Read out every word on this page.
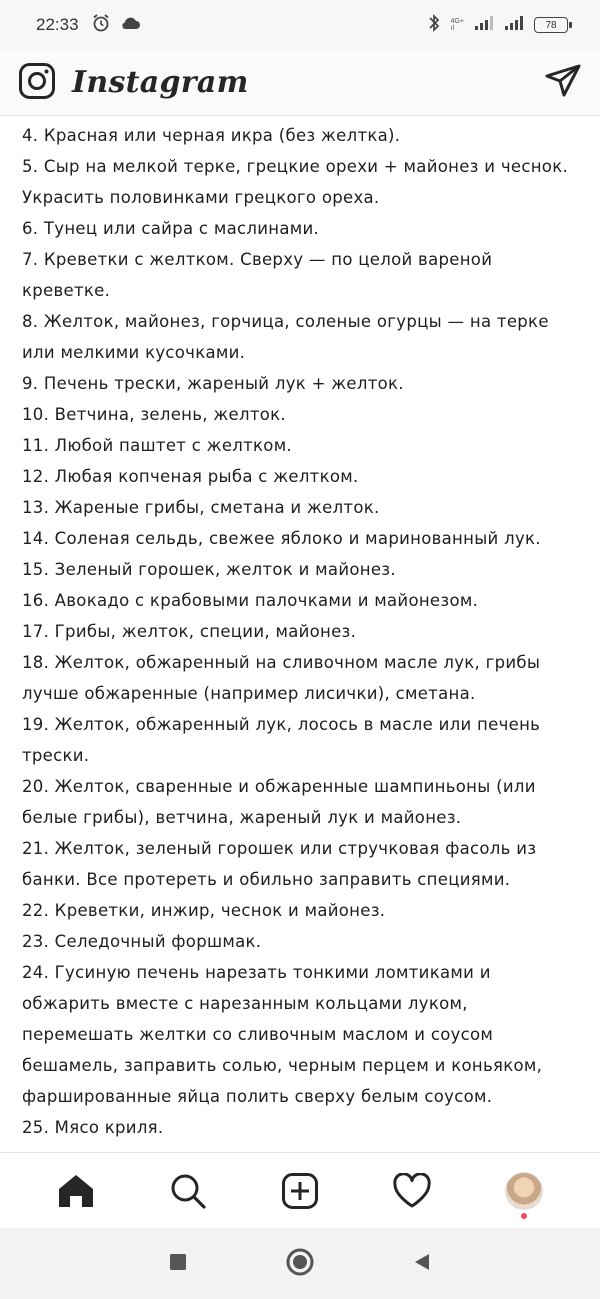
22:33	4G+
ıl	78
Instagram
4. Красная или черная икра (без желтка).
5. Сыр на мелкой терке, грецкие орехи + майонез и чеснок.
Украсить половинками грецкого ореха.
6. Тунец или сайра с маслинами.
7. Креветки с желтком. Сверху — по целой вареной
креветке.
8. Желток, майонез, горчица, соленые огурцы — на терке
или мелкими кусочками.
9. Печень трески, жареный лук + желток.
10. Ветчина, зелень, желток.
11. Любой паштет с желтком.
12. Любая копченая рыба с желтком.
13. Жареные грибы, сметана и желток.
14. Соленая сельдь, свежее яблоко и маринованный лук.
15. Зеленый горошек, желток и майонез.
16. Авокадо с крабовыми палочками и майонезом.
17. Грибы, желток, специи, майонез.
18. Желток, обжаренный на сливочном масле лук, грибы
лучше обжаренные (например лисички), сметана.
19. Желток, обжаренный лук, лосось в масле или печень
трески.
20. Желток, сваренные и обжаренные шампиньоны (или
белые грибы), ветчина, жареный лук и майонез.
21. Желток, зеленый горошек или стручковая фасоль из
банки. Все протереть и обильно заправить специями.
22. Креветки, инжир, чеснок и майонез.
23. Селедочный форшмак.
24. Гусиную печень нарезать тонкими ломтиками и
обжарить вместе с нарезанным кольцами луком,
перемешать желтки со сливочным маслом и соусом
бешамель, заправить солью, черным перцем и коньяком,
фаршированные яйца полить сверху белым соусом.
25. Мясо криля.
